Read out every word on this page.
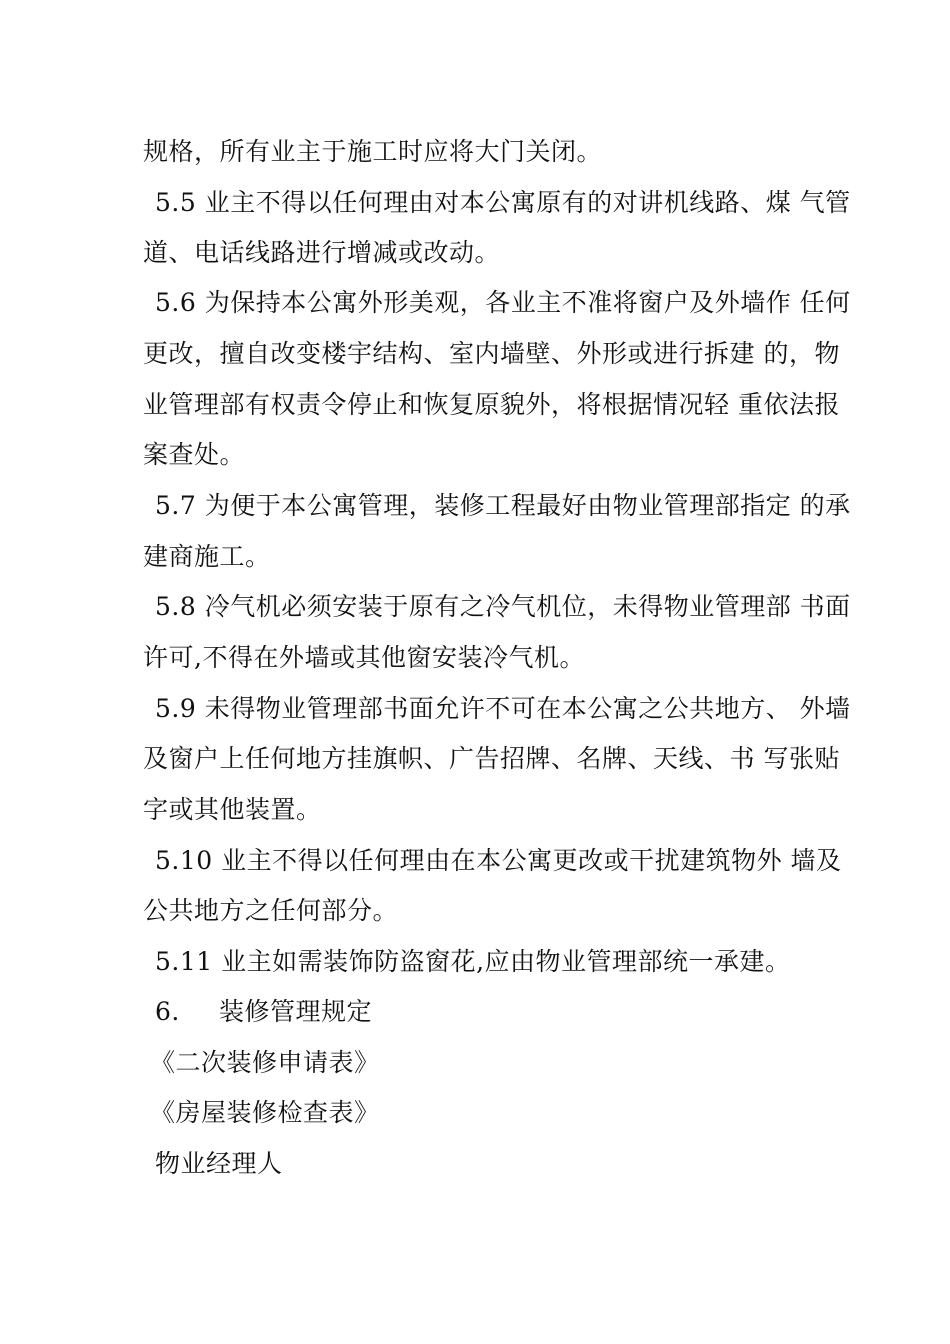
规格，所有业主于施工时应将大门关闭。
5.5 业主不得以任何理由对本公寓原有的对讲机线路、煤 气管
道、电话线路进行增减或改动。
5.6 为保持本公寓外形美观，各业主不准将窗户及外墙作 任何
更改，擅自改变楼宇结构、室内墙壁、外形或进行拆建 的，物
业管理部有权责令停止和恢复原貌外，将根据情况轻 重依法报
案查处。
5.7 为便于本公寓管理，装修工程最好由物业管理部指定 的承
建商施工。
5.8 冷气机必须安装于原有之冷气机位，未得物业管理部 书面
许可,不得在外墙或其他窗安装冷气机。
5.9 未得物业管理部书面允许不可在本公寓之公共地方、 外墙
及窗户上任何地方挂旗帜、广告招牌、名牌、天线、书 写张贴
字或其他装置。
5.10 业主不得以任何理由在本公寓更改或干扰建筑物外 墙及
公共地方之任何部分。
5.11 业主如需装饰防盗窗花,应由物业管理部统一承建。
6. 装修管理规定
《二次装修申请表》
《房屋装修检查表》
物业经理人
